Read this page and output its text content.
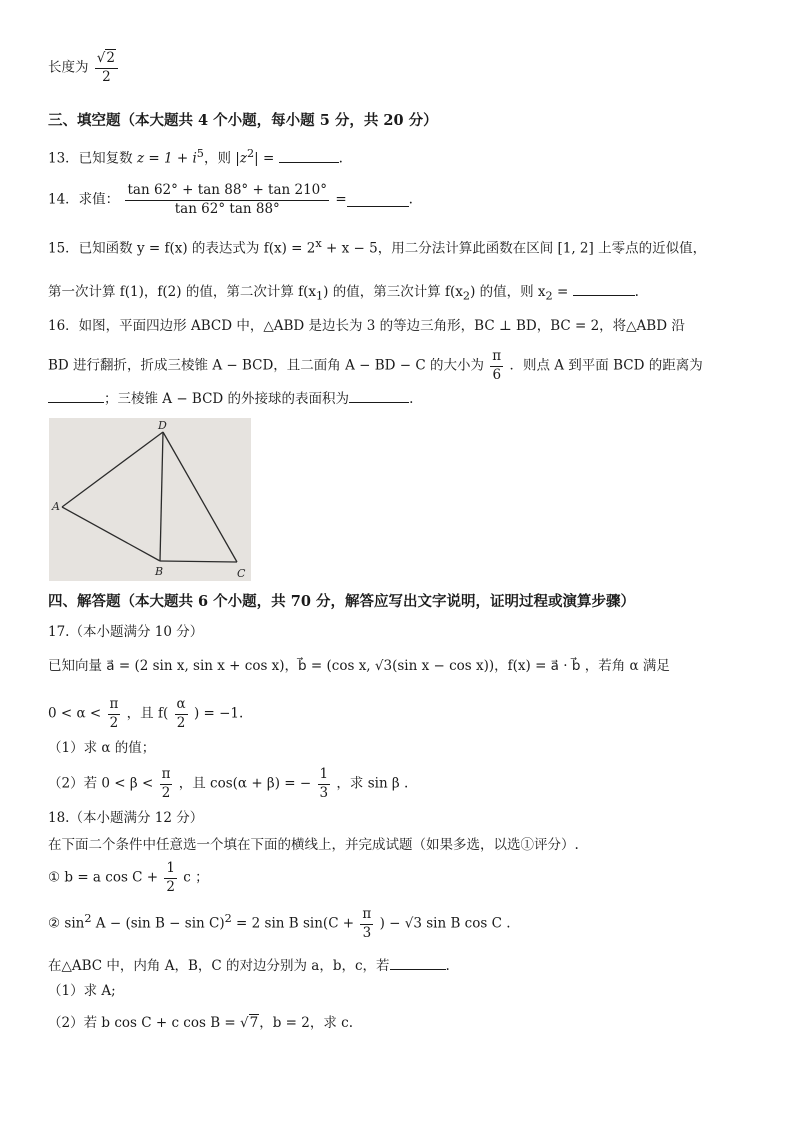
长度为 $\frac{√2}{2}$
三、填空题（本大题共 4 个小题，每小题 5 分，共 20 分）
13．已知复数 $z = 1 + i^5$，则 $|z^2|$ =	.
14．求值： $\frac{\tan 62^\circ + \tan 88^\circ + \tan 210^\circ}{\tan 62^\circ \tan 88^\circ}$ =	.
15．已知函数 y = f(x) 的表达式为 $f(x) = 2^x + x - 5$，用二分法计算此函数在区间 [1, 2] 上零点的近似值，
第一次计算 f(1)，f(2) 的值，第二次计算 $f(x_1)$ 的值，第三次计算 $f(x_2)$ 的值，则 $x_2$ =	.
16．如图，平面四边形 ABCD 中，△ABD 是边长为 3 的等边三角形，BC ⊥ BD，BC = 2，将△ABD 沿
BD 进行翻折，折成三棱锥 A − BCD，且二面角 A − BD − C 的大小为 $\frac{\pi}{6}$ ．则点 A 到平面 BCD 的距离为
；三棱锥 A − BCD 的外接球的表面积为	.
D
A
B	C
四、解答题（本大题共 6 个小题，共 70 分，解答应写出文字说明，证明过程或演算步骤）
17.（本小题满分 10 分）
已知向量 a⃗ = (2 sin x, sin x + cos x)，b⃗ = (cos x, √3(sin x − cos x))，f(x) = a⃗ · b⃗ ，若角 α 满足
$0 < \alpha < \frac{\pi}{2}$ ，且 $f( \frac{\alpha}{2}$ ) = −1.
（1）求 α 的值；
（2）若 $0 < \beta < \frac{\pi}{2}$ ，且 cos(α + β) = − $\frac{1}{3}$ ，求 sin β .
18.（本小题满分 12 分）
在下面二个条件中任意选一个填在下面的横线上，并完成试题（如果多选，以选①评分）.
① b = a $\cos C + \frac{1}{2}$ c ；
② $\sin^2 A - (\sin$ B − sin C)$^2$ = 2 sin B $\sin(C + \frac{\pi}{3}$ ) − √3 sin B cos C .
在△ABC 中，内角 A，B，C 的对边分别为 a，b，c，若	.
（1）求 A;
（2）若 b cos C + c cos B = √7，b = 2，求 c.
